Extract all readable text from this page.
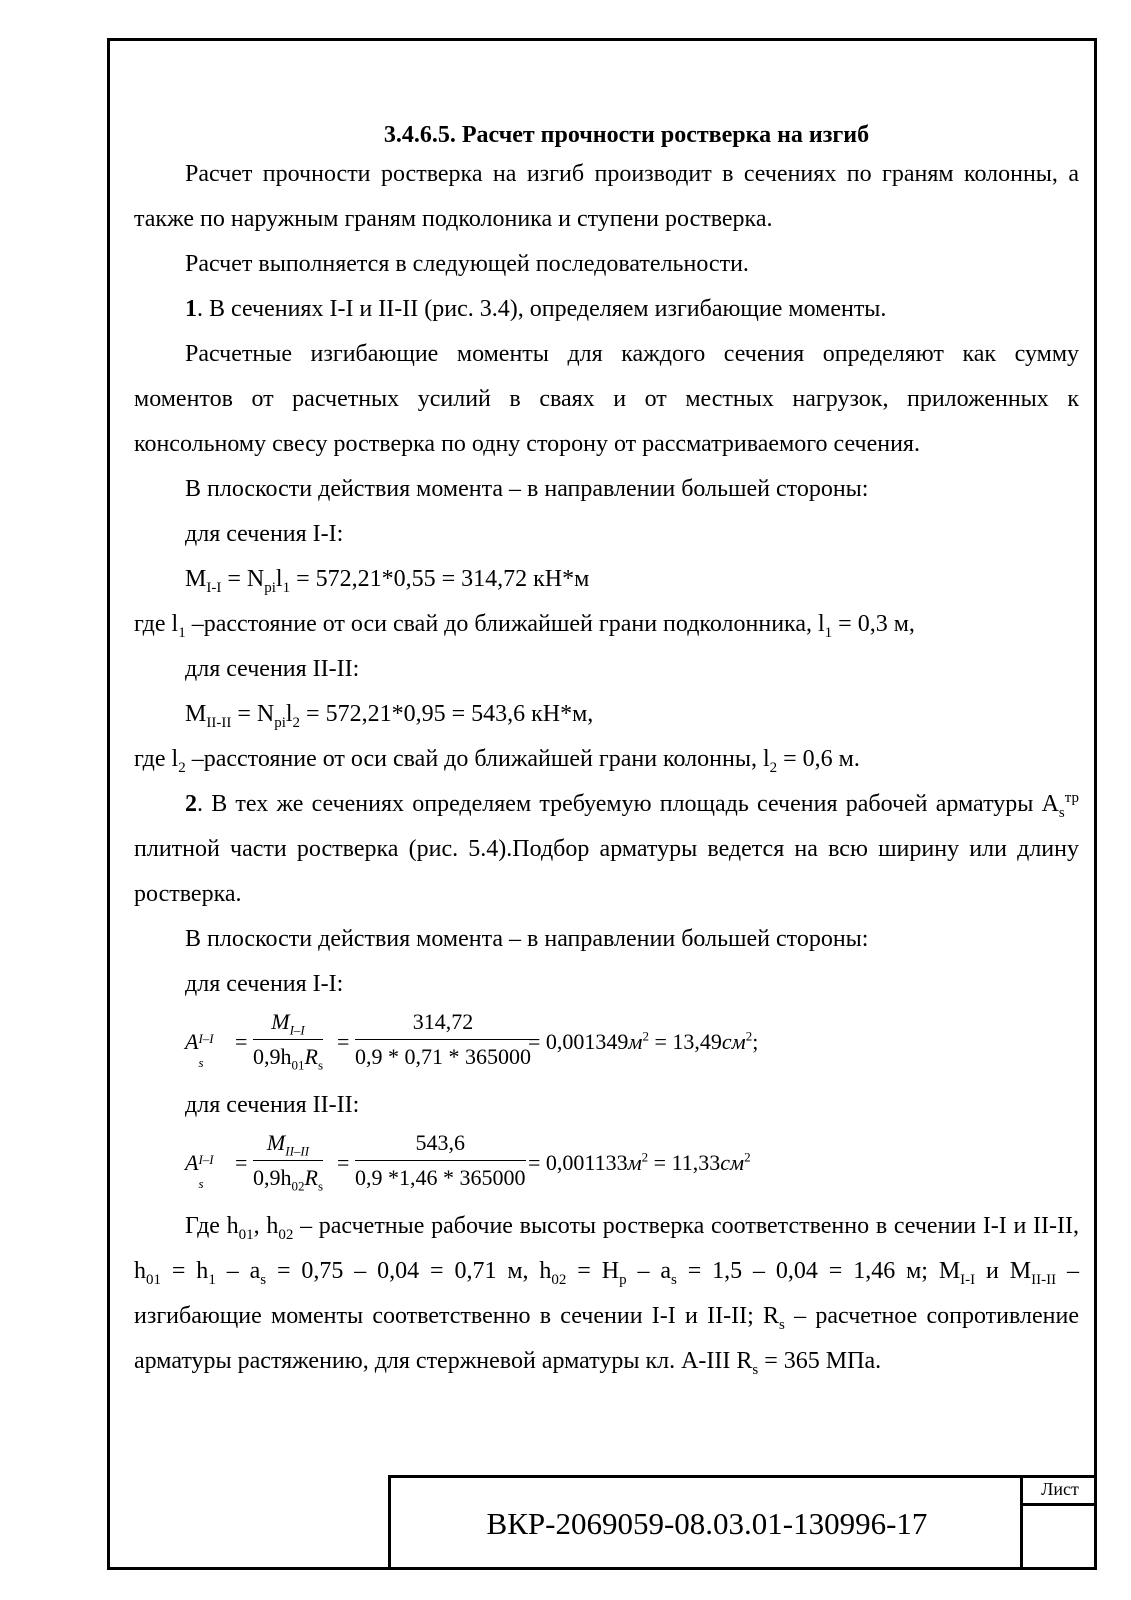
3.4.6.5. Расчет прочности ростверка на изгиб
Расчет прочности ростверка на изгиб производит в сечениях по граням колонны, а также по наружным граням подколоника и ступени ростверка.
Расчет выполняется в следующей последовательности.
1. В сечениях I-I и II-II (рис. 3.4), определяем изгибающие моменты.
Расчетные изгибающие моменты для каждого сечения определяют как сумму моментов от расчетных усилий в сваях и от местных нагрузок, приложенных к консольному свесу ростверка по одну сторону от рассматриваемого сечения.
В плоскости действия момента – в направлении большей стороны:
для сечения I-I:
$M_{I-I} = N_{pi}l_1 = 572,21*0,55 = 314,72$ кН*м
где $l_1$ –расстояние от оси свай до ближайшей грани подколонника, $l_1 = 0,3$ м,
для сечения II-II:
$M_{II-II} = N_{pi}l_2 = 572,21*0,95 = 543,6$ кН*м,
где $l_2$ –расстояние от оси свай до ближайшей грани колонны, $l_2 = 0,6$ м.
2. В тех же сечениях определяем требуемую площадь сечения рабочей арматуры $A_s^{тр}$ плитной части ростверка (рис. 5.4).Подбор арматуры ведется на всю ширину или длину ростверка.
В плоскости действия момента – в направлении большей стороны:
для сечения I-I:
A I–I
s
= $\frac{M_{I-I}}{0,9h_{01}R_s} = \frac{314,72}{0,9 * 0,71 * 365000}$
= $0,001349м^2 = 13,49см^2$;
для сечения II-II:
A I–I
s
=
$M_{II-II}$
$0,9h_{02}R_s$
= $\frac{543,6}{0,9 *1,46 * 365000} = 0,001133м^2 = 11,33см^2$
Где $h_{01}$, $h_{02}$ – расчетные рабочие высоты ростверка соответственно в сечении I-I и II-II, $h_{01} = h_1 - a_s = 0,75 - 0,04 = 0,71$ м, $h_{02} = H_p - a_s = 1,5 - 0,04 = 1,46$ м; $M_{I-I}$ и $M_{II-II}$ – изгибающие моменты соответственно в сечении I-I и II-II; $R_s$ – расчетное сопротивление арматуры растяжению, для стержневой арматуры кл. A-III $R_s = 365$ МПа.
ВКР-2069059-08.03.01-130996-17
Лист
